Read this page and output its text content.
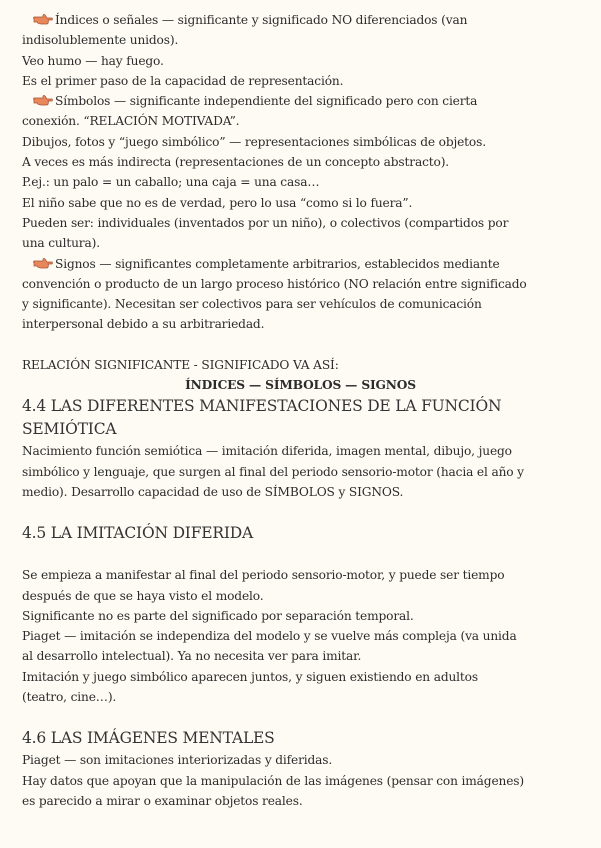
Índices o señales — significante y significado NO diferenciados (van

indisolublemente unidos).

Veo humo — hay fuego.

Es el primer paso de la capacidad de representación.

Símbolos — significante independiente del significado pero con cierta

conexión. “RELACIÓN MOTIVADA”.

Dibujos, fotos y “juego simbólico” — representaciones simbólicas de objetos.

A veces es más indirecta (representaciones de un concepto abstracto).

P.ej.: un palo = un caballo; una caja = una casa…

El niño sabe que no es de verdad, pero lo usa “como si lo fuera”.

Pueden ser: individuales (inventados por un niño), o colectivos (compartidos por

una cultura).

Signos — significantes completamente arbitrarios, establecidos mediante

convención o producto de un largo proceso histórico (NO relación entre significado

y significante). Necesitan ser colectivos para ser vehículos de comunicación

interpersonal debido a su arbitrariedad.

RELACIÓN SIGNIFICANTE - SIGNIFICADO VA ASÍ:

ÍNDICES — SÍMBOLOS — SIGNOS

4.4 LAS DIFERENTES MANIFESTACIONES DE LA FUNCIÓN

SEMIÓTICA

Nacimiento función semiótica — imitación diferida, imagen mental, dibujo, juego

simbólico y lenguaje, que surgen al final del periodo sensorio-motor (hacia el año y

medio). Desarrollo capacidad de uso de SÍMBOLOS y SIGNOS.

4.5 LA IMITACIÓN DIFERIDA

Se empieza a manifestar al final del periodo sensorio-motor, y puede ser tiempo

después de que se haya visto el modelo.

Significante no es parte del significado por separación temporal.

Piaget — imitación se independiza del modelo y se vuelve más compleja (va unida

al desarrollo intelectual). Ya no necesita ver para imitar.

Imitación y juego simbólico aparecen juntos, y siguen existiendo en adultos

(teatro, cine…).

4.6 LAS IMÁGENES MENTALES

Piaget — son imitaciones interiorizadas y diferidas.

Hay datos que apoyan que la manipulación de las imágenes (pensar con imágenes)

es parecido a mirar o examinar objetos reales.
